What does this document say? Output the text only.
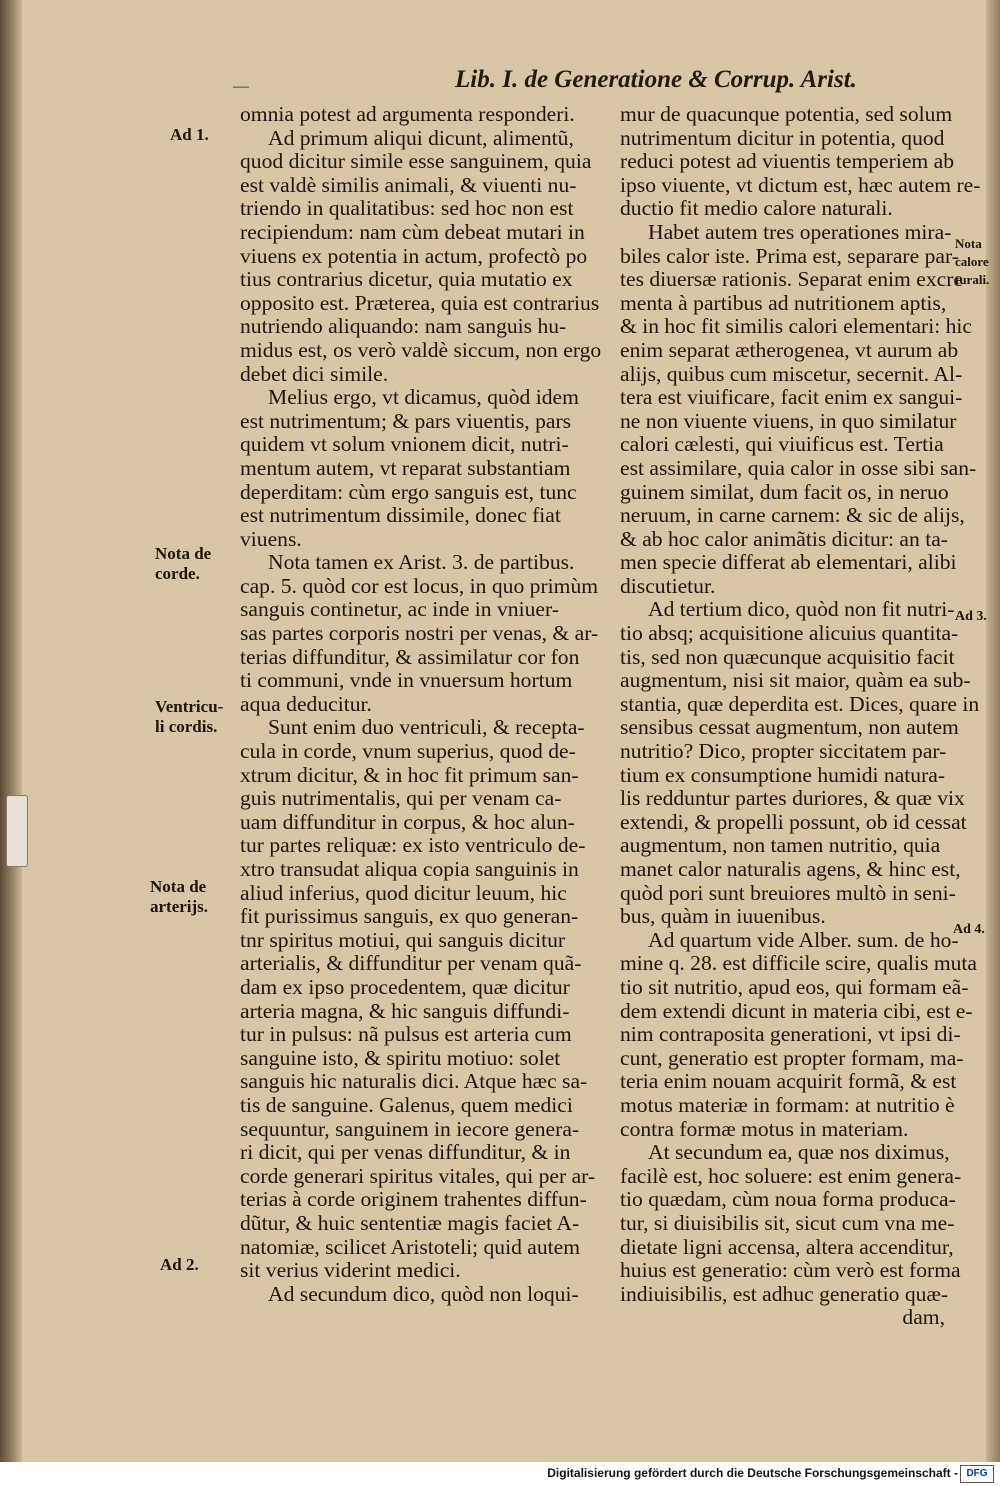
‒‒	Lib. I. de Generatione & Corrup. Arist.

Ad 1.

Nota de

corde.

Ventricu-

li cordis.

Nota de

arterijs.

Ad 2.

Nota

calore

turali.

Ad 3.

Ad 4.

omnia potest ad argumenta responderi.

Ad primum aliqui dicunt, alimentũ,

quod dicitur simile esse sanguinem, quia

est valdè similis animali, & viuenti nu-

triendo in qualitatibus: sed hoc non est

recipiendum: nam cùm debeat mutari in

viuens ex potentia in actum, profectò po

tius contrarius dicetur, quia mutatio ex

opposito est. Præterea, quia est contrarius

nutriendo aliquando: nam sanguis hu-

midus est, os verò valdè siccum, non ergo

debet dici simile.

Melius ergo, vt dicamus, quòd idem

est nutrimentum; & pars viuentis, pars

quidem vt solum vnionem dicit, nutri-

mentum autem, vt reparat substantiam

deperditam: cùm ergo sanguis est, tunc

est nutrimentum dissimile, donec fiat

viuens.

Nota tamen ex Arist. 3. de partibus.

cap. 5. quòd cor est locus, in quo primùm

sanguis continetur, ac inde in vniuer-

sas partes corporis nostri per venas, & ar-

terias diffunditur, & assimilatur cor fon

ti communi, vnde in vnuersum hortum

aqua deducitur.

Sunt enim duo ventriculi, & recepta-

cula in corde, vnum superius, quod de-

xtrum dicitur, & in hoc fit primum san-

guis nutrimentalis, qui per venam ca-

uam diffunditur in corpus, & hoc alun-

tur partes reliquæ: ex isto ventriculo de-

xtro transudat aliqua copia sanguinis in

aliud inferius, quod dicitur leuum, hic

fit purissimus sanguis, ex quo generan-

tnr spiritus motiui, qui sanguis dicitur

arterialis, & diffunditur per venam quã-

dam ex ipso procedentem, quæ dicitur

arteria magna, & hic sanguis diffundi-

tur in pulsus: nã pulsus est arteria cum

sanguine isto, & spiritu motiuo: solet

sanguis hic naturalis dici. Atque hæc sa-

tis de sanguine. Galenus, quem medici

sequuntur, sanguinem in iecore genera-

ri dicit, qui per venas diffunditur, & in

corde generari spiritus vitales, qui per ar-

terias à corde originem trahentes diffun-

dũtur, & huic sententiæ magis faciet A-

natomiæ, scilicet Aristoteli; quid autem

sit verius viderint medici.

Ad secundum dico, quòd non loqui-

mur de quacunque potentia, sed solum

nutrimentum dicitur in potentia, quod

reduci potest ad viuentis temperiem ab

ipso viuente, vt dictum est, hæc autem re-

ductio fit medio calore naturali.

Habet autem tres operationes mira-

biles calor iste. Prima est, separare par-

tes diuersæ rationis. Separat enim excre

menta à partibus ad nutritionem aptis,

& in hoc fit similis calori elementari: hic

enim separat ætherogenea, vt aurum ab

alijs, quibus cum miscetur, secernit. Al-

tera est viuificare, facit enim ex sangui-

ne non viuente viuens, in quo similatur

calori cælesti, qui viuificus est. Tertia

est assimilare, quia calor in osse sibi san-

guinem similat, dum facit os, in neruo

neruum, in carne carnem: & sic de alijs,

& ab hoc calor animãtis dicitur: an ta-

men specie differat ab elementari, alibi

discutietur.

Ad tertium dico, quòd non fit nutri-

tio absq; acquisitione alicuius quantita-

tis, sed non quæcunque acquisitio facit

augmentum, nisi sit maior, quàm ea sub-

stantia, quæ deperdita est. Dices, quare in

sensibus cessat augmentum, non autem

nutritio? Dico, propter siccitatem par-

tium ex consumptione humidi natura-

lis redduntur partes duriores, & quæ vix

extendi, & propelli possunt, ob id cessat

augmentum, non tamen nutritio, quia

manet calor naturalis agens, & hinc est,

quòd pori sunt breuiores multò in seni-

bus, quàm in iuuenibus.

Ad quartum vide Alber. sum. de ho-

mine q. 28. est difficile scire, qualis muta

tio sit nutritio, apud eos, qui formam eã-

dem extendi dicunt in materia cibi, est e-

nim contraposita generationi, vt ipsi di-

cunt, generatio est propter formam, ma-

teria enim nouam acquirit formã, & est

motus materiæ in formam: at nutritio è

contra formæ motus in materiam.

At secundum ea, quæ nos diximus,

facilè est, hoc soluere: est enim genera-

tio quædam, cùm noua forma produca-

tur, si diuisibilis sit, sicut cum vna me-

dietate ligni accensa, altera accenditur,

huius est generatio: cùm verò est forma

indiuisibilis, est adhuc generatio quæ-

dam,

Digitalisierung gefördert durch die Deutsche Forschungsgemeinschaft - DFG
